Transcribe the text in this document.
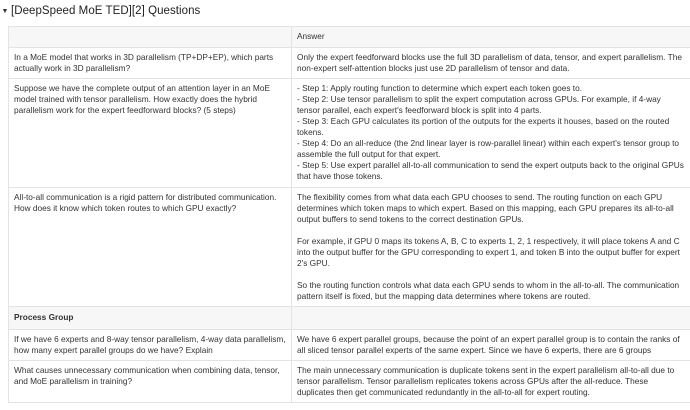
▼ [DeepSpeed MoE TED][2] Questions
	Answer
In a MoE model that works in 3D parallelism (TP+DP+EP), which parts actually work in 3D parallelism?	Only the expert feedforward blocks use the full 3D parallelism of data, tensor, and expert parallelism. The non-expert self-attention blocks just use 2D parallelism of tensor and data.

Suppose we have the complete output of an attention layer in an MoE model trained with tensor parallelism. How exactly does the hybrid parallelism work for the expert feedforward blocks? (5 steps)	- Step 1: Apply routing function to determine which expert each token goes to.
- Step 2: Use tensor parallelism to split the expert computation across GPUs. For example, if 4-way tensor parallel, each expert's feedforward block is split into 4 parts.
- Step 3: Each GPU calculates its portion of the outputs for the experts it houses, based on the routed tokens.
- Step 4: Do an all-reduce (the 2nd linear layer is row-parallel linear) within each expert's tensor group to assemble the full output for that expert.
- Step 5: Use expert parallel all-to-all communication to send the expert outputs back to the original GPUs that have those tokens.

All-to-all communication is a rigid pattern for distributed communication. How does it know which token routes to which GPU exactly?	The flexibility comes from what data each GPU chooses to send. The routing function on each GPU determines which token maps to which expert. Based on this mapping, each GPU prepares its all-to-all output buffers to send tokens to the correct destination GPUs.
For example, if GPU 0 maps its tokens A, B, C to experts 1, 2, 1 respectively, it will place tokens A and C into the output buffer for the GPU corresponding to expert 1, and token B into the output buffer for expert 2's GPU.
So the routing function controls what data each GPU sends to whom in the all-to-all. The communication pattern itself is fixed, but the mapping data determines where tokens are routed.

Process Group	
If we have 6 experts and 8-way tensor parallelism, 4-way data parallelism, how many expert parallel groups do we have? Explain	We have 6 expert parallel groups, because the point of an expert parallel group is to contain the ranks of all sliced tensor parallel experts of the same expert. Since we have 6 experts, there are 6 groups

What causes unnecessary communication when combining data, tensor, and MoE parallelism in training?	The main unnecessary communication is duplicate tokens sent in the expert parallelism all-to-all due to tensor parallelism. Tensor parallelism replicates tokens across GPUs after the all-reduce. These duplicates then get communicated redundantly in the all-to-all for expert routing.
